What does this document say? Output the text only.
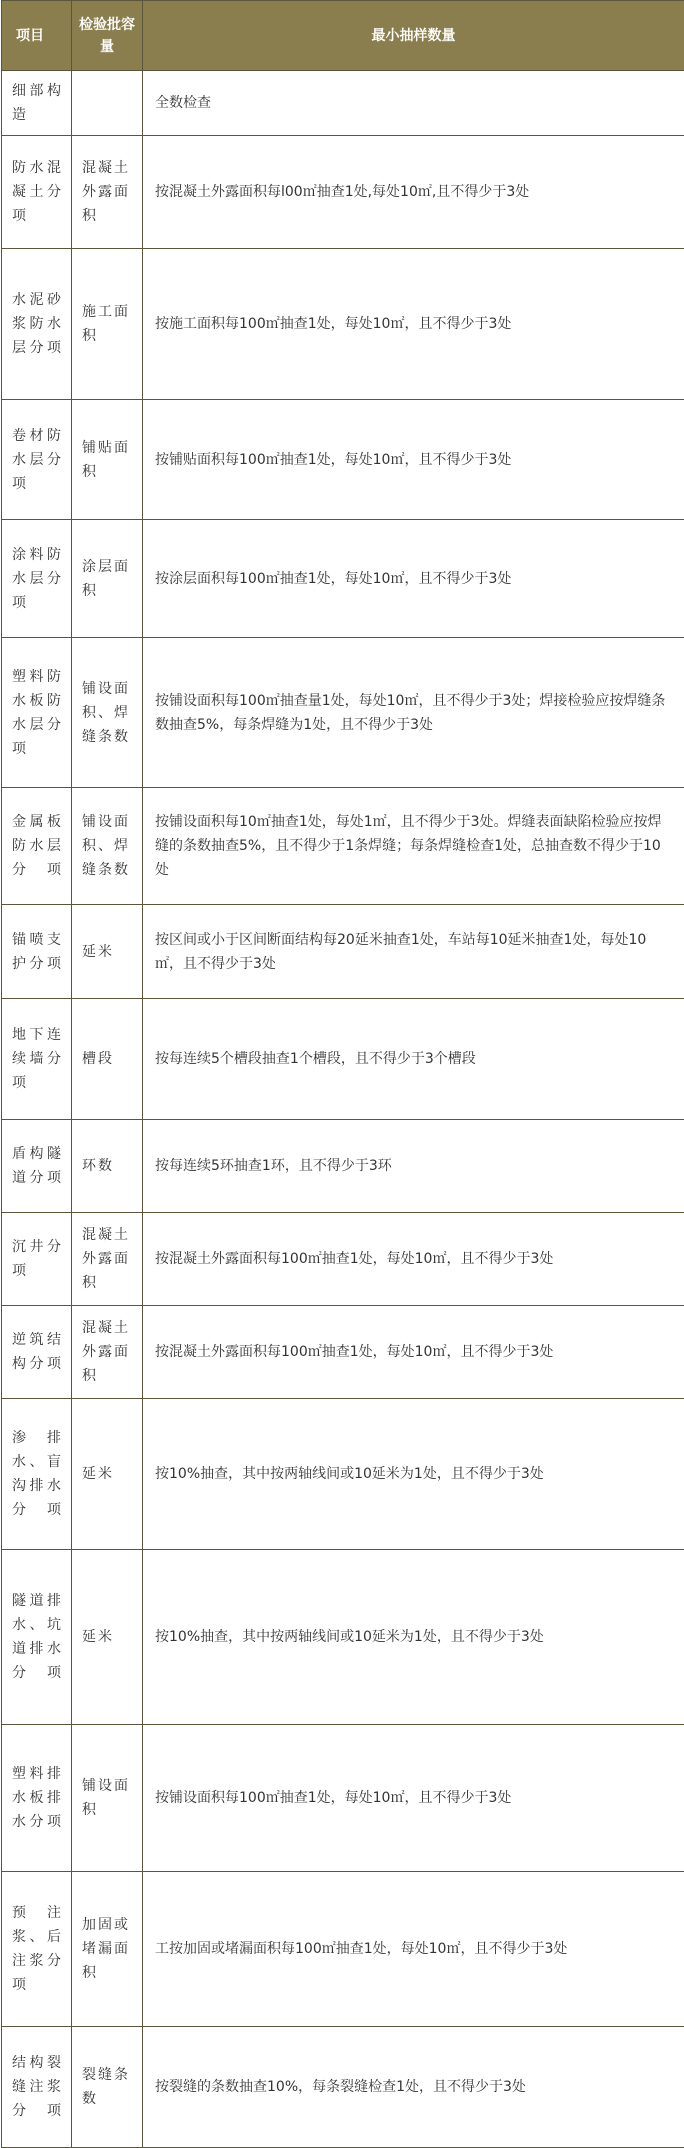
项目	检验批容量	最小抽样数量
细部构造		全数检查
防水混凝土分项	混凝土外露面积	按混凝土外露面积每l00㎡抽查1处,每处10㎡,且不得少于3处
水泥砂浆防水层分项	施工面积	按施工面积每100㎡抽查1处，每处10㎡，且不得少于3处
卷材防水层分项	铺贴面积	按铺贴面积每100㎡抽查1处，每处10㎡，且不得少于3处
涂料防水层分项	涂层面积	按涂层面积每100㎡抽查1处，每处10㎡，且不得少于3处
塑料防水板防水层分项	铺设面积、焊缝条数	按铺设面积每100㎡抽查量1处，每处10㎡，且不得少于3处；焊接检验应按焊缝条数抽查5%，每条焊缝为1处，且不得少于3处
金属板防水层分项	铺设面积、焊缝条数	按铺设面积每10㎡抽查1处，每处1㎡，且不得少于3处。焊缝表面缺陷检验应按焊缝的条数抽查5%，且不得少于1条焊缝；每条焊缝检查1处，总抽查数不得少于10处
锚喷支护分项	延米	按区间或小于区间断面结构每20延米抽查1处，车站每10延米抽查1处，每处10㎡，且不得少于3处
地下连续墙分项	槽段	按每连续5个槽段抽查1个槽段，且不得少于3个槽段
盾构隧道分项	环数	按每连续5环抽查1环，且不得少于3环
沉井分项	混凝土外露面积	按混凝土外露面积每100㎡抽查1处，每处10㎡，且不得少于3处
逆筑结构分项	混凝土外露面积	按混凝土外露面积每100㎡抽查1处，每处10㎡，且不得少于3处
渗排水、盲沟排水分项	延米	按10%抽查，其中按两轴线间或10延米为1处，且不得少于3处
隧道排水、坑道排水分项	延米	按10%抽查，其中按两轴线间或10延米为1处，且不得少于3处
塑料排水板排水分项	铺设面积	按铺设面积每100㎡抽查1处，每处10㎡，且不得少于3处
预注浆、后注浆分项	加固或堵漏面积	工按加固或堵漏面积每100㎡抽查1处，每处10㎡，且不得少于3处
结构裂缝注浆分项	裂缝条数	按裂缝的条数抽查10%，每条裂缝检查1处，且不得少于3处
